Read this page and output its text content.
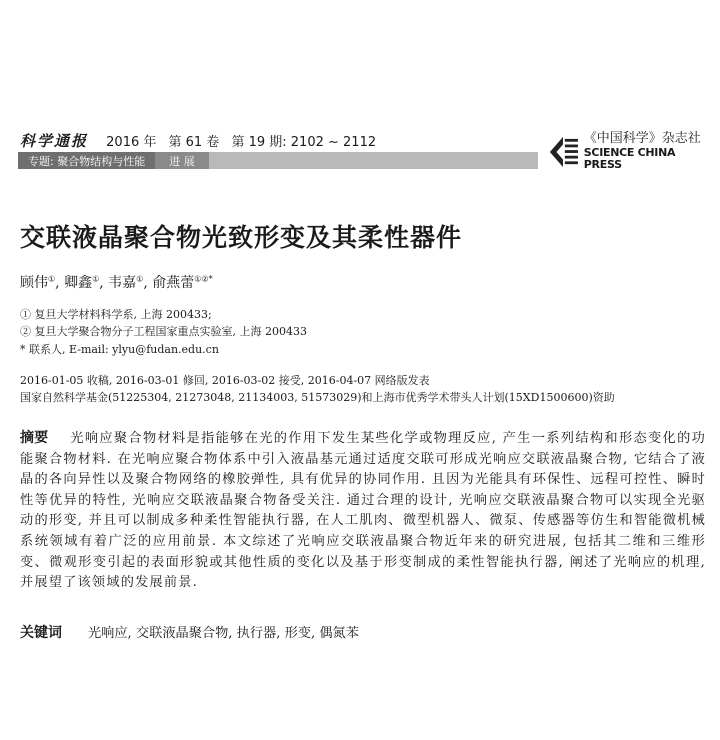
科学通报 2016 年 第 61 卷 第 19 期: 2102 ~ 2112
专题: 聚合物结构与性能	进 展
《中国科学》杂志社
SCIENCE CHINA PRESS
交联液晶聚合物光致形变及其柔性器件
顾伟①, 卿鑫①, 韦嘉①, 俞燕蕾①②*
① 复旦大学材料科学系, 上海 200433;
② 复旦大学聚合物分子工程国家重点实验室, 上海 200433
* 联系人, E-mail: ylyu@fudan.edu.cn
2016-01-05 收稿, 2016-03-01 修回, 2016-03-02 接受, 2016-04-07 网络版发表
国家自然科学基金(51225304, 21273048, 21134003, 51573029)和上海市优秀学术带头人计划(15XD1500600)资助
摘要 光响应聚合物材料是指能够在光的作用下发生某些化学或物理反应, 产生一系列结构和形态变化的功能聚合物材料. 在光响应聚合物体系中引入液晶基元通过适度交联可形成光响应交联液晶聚合物, 它结合了液晶的各向异性以及聚合物网络的橡胶弹性, 具有优异的协同作用. 且因为光能具有环保性、远程可控性、瞬时性等优异的特性, 光响应交联液晶聚合物备受关注. 通过合理的设计, 光响应交联液晶聚合物可以实现全光驱动的形变, 并且可以制成多种柔性智能执行器, 在人工肌肉、微型机器人、微泵、传感器等仿生和智能微机械系统领域有着广泛的应用前景. 本文综述了光响应交联液晶聚合物近年来的研究进展, 包括其二维和三维形变、微观形变引起的表面形貌或其他性质的变化以及基于形变制成的柔性智能执行器, 阐述了光响应的机理, 并展望了该领域的发展前景.
关键词 光响应, 交联液晶聚合物, 执行器, 形变, 偶氮苯
